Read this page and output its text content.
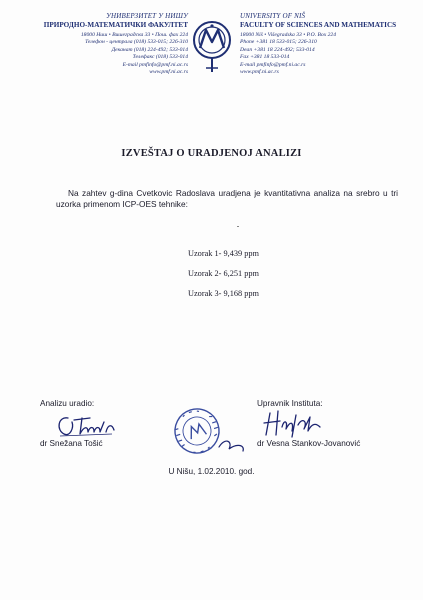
УНИВЕРЗИТЕТ У НИШУ
ПРИРОДНО-МАТЕМАТИЧКИ ФАКУЛТЕТ
18000 Ниш • Вишеградска 33 • Пош. фах 224
Телефон - централа (018) 533-015; 226-310
Деканат (018) 224-492; 533-014
Телефакс (018) 533-014
E-mail pmfinfo@pmf.ni.ac.rs
www.pmf.ni.ac.rs
UNIVERSITY OF NIŠ
FACULTY OF SCIENCES AND MATHEMATICS
18000 Niš • Višegradska 33 • P.O. Box 224
Phone +381 18 533-015; 226-310
Dean +381 18 224-492; 533-014
Fax +381 18 533-014
E-mail pmfinfo@pmf.ni.ac.rs
www.pmf.ni.ac.rs
IZVEŠTAJ O URADJENOJ ANALIZI
Na zahtev g-dina Cvetkovic Radoslava uradjena je kvantitativna analiza na srebro u tri uzorka primenom ICP-OES tehnike:
Uzorak 1- 9,439 ppm
Uzorak 2- 6,251 ppm
Uzorak 3- 9,168 ppm
Analizu uradio:
dr Snežana Tošić
Upravnik Instituta:
dr Vesna Stankov-Jovanović
U Nišu, 1.02.2010. god.
